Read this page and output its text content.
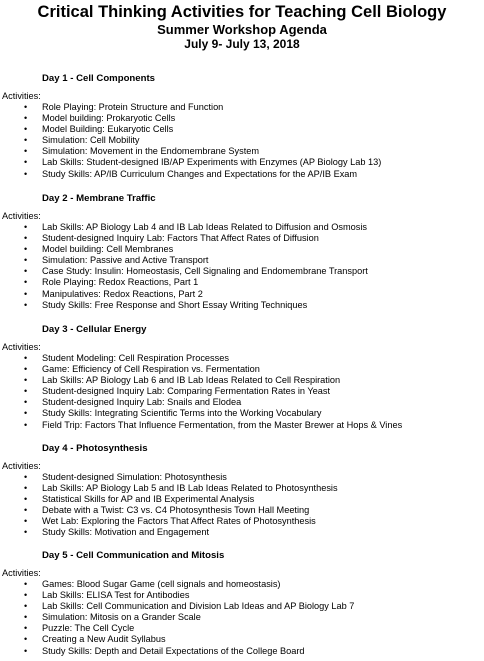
Critical Thinking Activities for Teaching Cell Biology
Summer Workshop Agenda
July 9- July 13, 2018
Day 1 - Cell Components
Activities:
• Role Playing: Protein Structure and Function
• Model building: Prokaryotic Cells
• Model Building: Eukaryotic Cells
• Simulation: Cell Mobility
• Simulation: Movement in the Endomembrane System
• Lab Skills: Student-designed IB/AP Experiments with Enzymes (AP Biology Lab 13)
• Study Skills: AP/IB Curriculum Changes and Expectations for the AP/IB Exam
Day 2 - Membrane Traffic
Activities:
• Lab Skills: AP Biology Lab 4 and IB Lab Ideas Related to Diffusion and Osmosis
• Student-designed Inquiry Lab: Factors That Affect Rates of Diffusion
• Model building: Cell Membranes
• Simulation: Passive and Active Transport
• Case Study: Insulin: Homeostasis, Cell Signaling and Endomembrane Transport
• Role Playing: Redox Reactions, Part 1
• Manipulatives: Redox Reactions, Part 2
• Study Skills: Free Response and Short Essay Writing Techniques
Day 3 - Cellular Energy
Activities:
• Student Modeling: Cell Respiration Processes
• Game: Efficiency of Cell Respiration vs. Fermentation
• Lab Skills: AP Biology Lab 6 and IB Lab Ideas Related to Cell Respiration
• Student-designed Inquiry Lab: Comparing Fermentation Rates in Yeast
• Student-designed Inquiry Lab: Snails and Elodea
• Study Skills: Integrating Scientific Terms into the Working Vocabulary
• Field Trip: Factors That Influence Fermentation, from the Master Brewer at Hops & Vines
Day 4 - Photosynthesis
Activities:
• Student-designed Simulation: Photosynthesis
• Lab Skills: AP Biology Lab 5 and IB Lab Ideas Related to Photosynthesis
• Statistical Skills for AP and IB Experimental Analysis
• Debate with a Twist: C3 vs. C4 Photosynthesis Town Hall Meeting
• Wet Lab: Exploring the Factors That Affect Rates of Photosynthesis
• Study Skills: Motivation and Engagement
Day 5 - Cell Communication and Mitosis
Activities:
• Games: Blood Sugar Game (cell signals and homeostasis)
• Lab Skills: ELISA Test for Antibodies
• Lab Skills: Cell Communication and Division Lab Ideas and AP Biology Lab 7
• Simulation: Mitosis on a Grander Scale
• Puzzle: The Cell Cycle
• Creating a New Audit Syllabus
• Study Skills: Depth and Detail Expectations of the College Board
